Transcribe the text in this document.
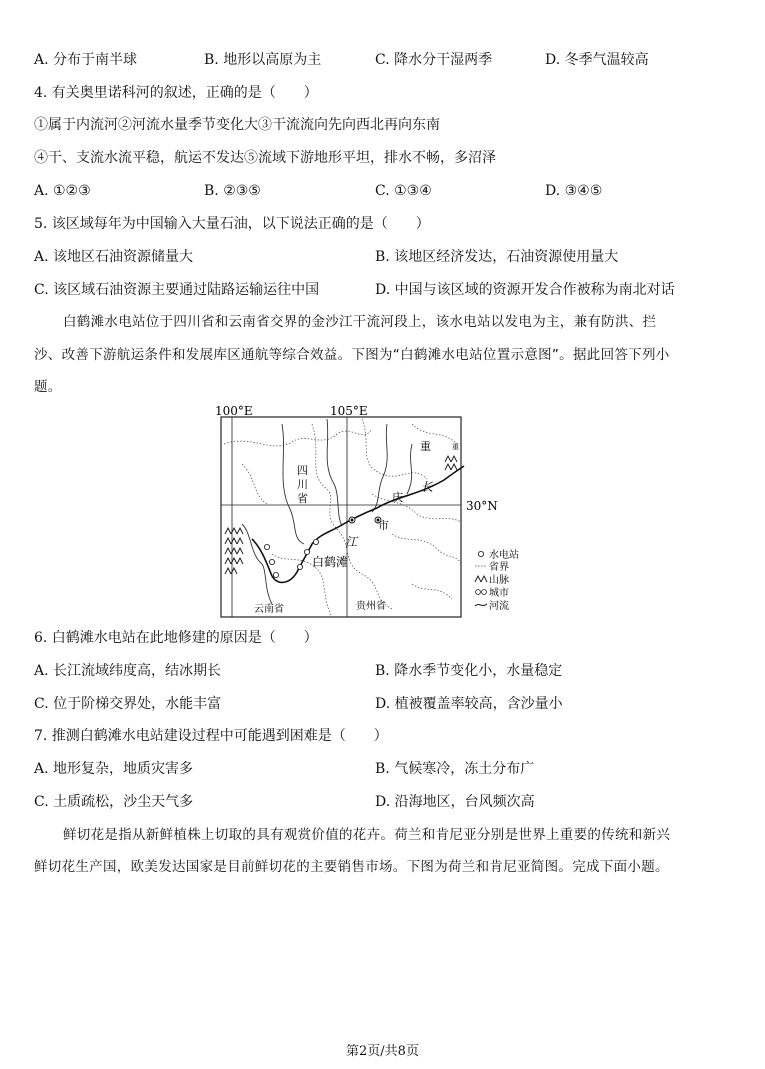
A. 分布于南半球	B. 地形以高原为主	C. 降水分干湿两季	D. 冬季气温较高
4. 有关奥里诺科河的叙述，正确的是（　　）
①属于内流河②河流水量季节变化大③干流流向先向西北再向东南
④干、支流水流平稳，航运不发达⑤流域下游地形平坦，排水不畅，多沼泽
A. ①②③	B. ②③⑤	C. ①③④	D. ③④⑤
5. 该区域每年为中国输入大量石油，以下说法正确的是（　　）
A. 该地区石油资源储量大	B. 该地区经济发达，石油资源使用量大
C. 该区域石油资源主要通过陆路运输运往中国	D. 中国与该区域的资源开发合作被称为南北对话
白鹤滩水电站位于四川省和云南省交界的金沙江干流河段上，该水电站以发电为主，兼有防洪、拦
沙、改善下游航运条件和发展库区通航等综合效益。下图为“白鹤滩水电站位置示意图”。据此回答下列小
题。
100°E	105°E
30°N
四
川
省
重
庆
市
重
长
江
白鹤滩
云南省	贵州省
水电站
省界
山脉
城市
河流
6. 白鹤滩水电站在此地修建的原因是（　　）
A. 长江流域纬度高，结冰期长	B. 降水季节变化小，水量稳定
C. 位于阶梯交界处，水能丰富	D. 植被覆盖率较高，含沙量小
7. 推测白鹤滩水电站建设过程中可能遇到困难是（　　）
A. 地形复杂，地质灾害多	B. 气候寒冷，冻土分布广
C. 土质疏松，沙尘天气多	D. 沿海地区，台风频次高
鲜切花是指从新鲜植株上切取的具有观赏价值的花卉。荷兰和肯尼亚分别是世界上重要的传统和新兴
鲜切花生产国，欧美发达国家是目前鲜切花的主要销售市场。下图为荷兰和肯尼亚简图。完成下面小题。
第2页/共8页
